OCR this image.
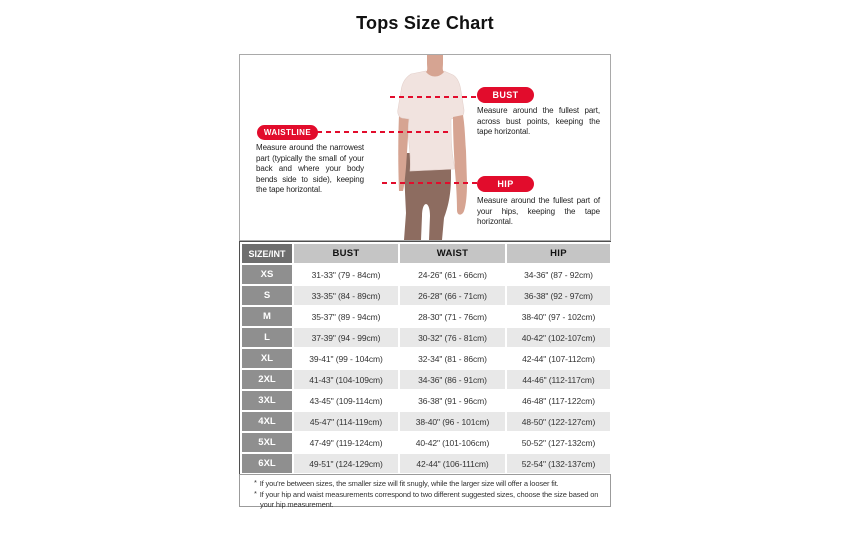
Tops Size Chart
BUST
Measure around the fullest part, across bust points, keeping the tape horizontal.
WAISTLINE
Measure around the narrowest part (typically the small of your back and where your body bends side to side), keeping the tape horizontal.
HIP
Measure around the fullest part of your hips, keeping the tape horizontal.
SIZE/INT	BUST	WAIST	HIP
XS	31-33" (79 - 84cm)	24-26" (61 - 66cm)	34-36" (87 - 92cm)
S	33-35" (84 - 89cm)	26-28" (66 - 71cm)	36-38" (92 - 97cm)
M	35-37" (89 - 94cm)	28-30" (71 - 76cm)	38-40" (97 - 102cm)
L	37-39" (94 - 99cm)	30-32" (76 - 81cm)	40-42" (102-107cm)
XL	39-41" (99 - 104cm)	32-34" (81 - 86cm)	42-44" (107-112cm)
2XL	41-43" (104-109cm)	34-36" (86 - 91cm)	44-46" (112-117cm)
3XL	43-45" (109-114cm)	36-38" (91 - 96cm)	46-48" (117-122cm)
4XL	45-47" (114-119cm)	38-40" (96 - 101cm)	48-50" (122-127cm)
5XL	47-49" (119-124cm)	40-42" (101-106cm)	50-52" (127-132cm)
6XL	49-51" (124-129cm)	42-44" (106-111cm)	52-54" (132-137cm)
* If you're between sizes, the smaller size will fit snugly, while the larger size will offer a looser fit.
* If your hip and waist measurements correspond to two different suggested sizes, choose the size based on your hip measurement.
